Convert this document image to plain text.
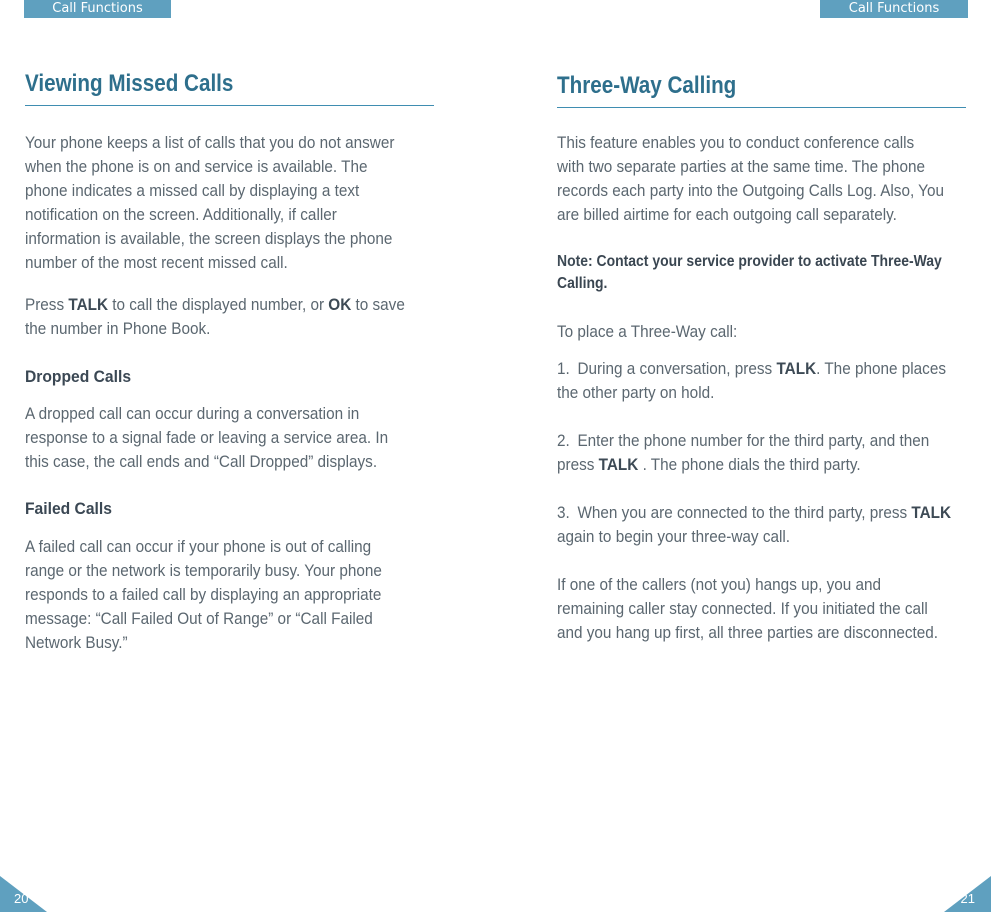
Call Functions	Call Functions
Viewing Missed Calls
Your phone keeps a list of calls that you do not answer when the phone is on and service is available. The phone indicates a missed call by displaying a text notification on the screen. Additionally, if caller information is available, the screen displays the phone number of the most recent missed call.
Press TALK to call the displayed number, or OK to save the number in Phone Book.
Dropped Calls
A dropped call can occur during a conversation in response to a signal fade or leaving a service area. In this case, the call ends and “Call Dropped” displays.
Failed Calls
A failed call can occur if your phone is out of calling range or the network is temporarily busy. Your phone responds to a failed call by displaying an appropriate message: “Call Failed Out of Range” or “Call Failed Network Busy.”
Three-Way Calling
This feature enables you to conduct conference calls with two separate parties at the same time. The phone records each party into the Outgoing Calls Log. Also, You are billed airtime for each outgoing call separately.
Note: Contact your service provider to activate Three-Way Calling.
To place a Three-Way call:
1. During a conversation, press TALK. The phone places the other party on hold.
2. Enter the phone number for the third party, and then press TALK . The phone dials the third party.
3. When you are connected to the third party, press TALK again to begin your three-way call.
If one of the callers (not you) hangs up, you and remaining caller stay connected. If you initiated the call and you hang up first, all three parties are disconnected.
20	21
